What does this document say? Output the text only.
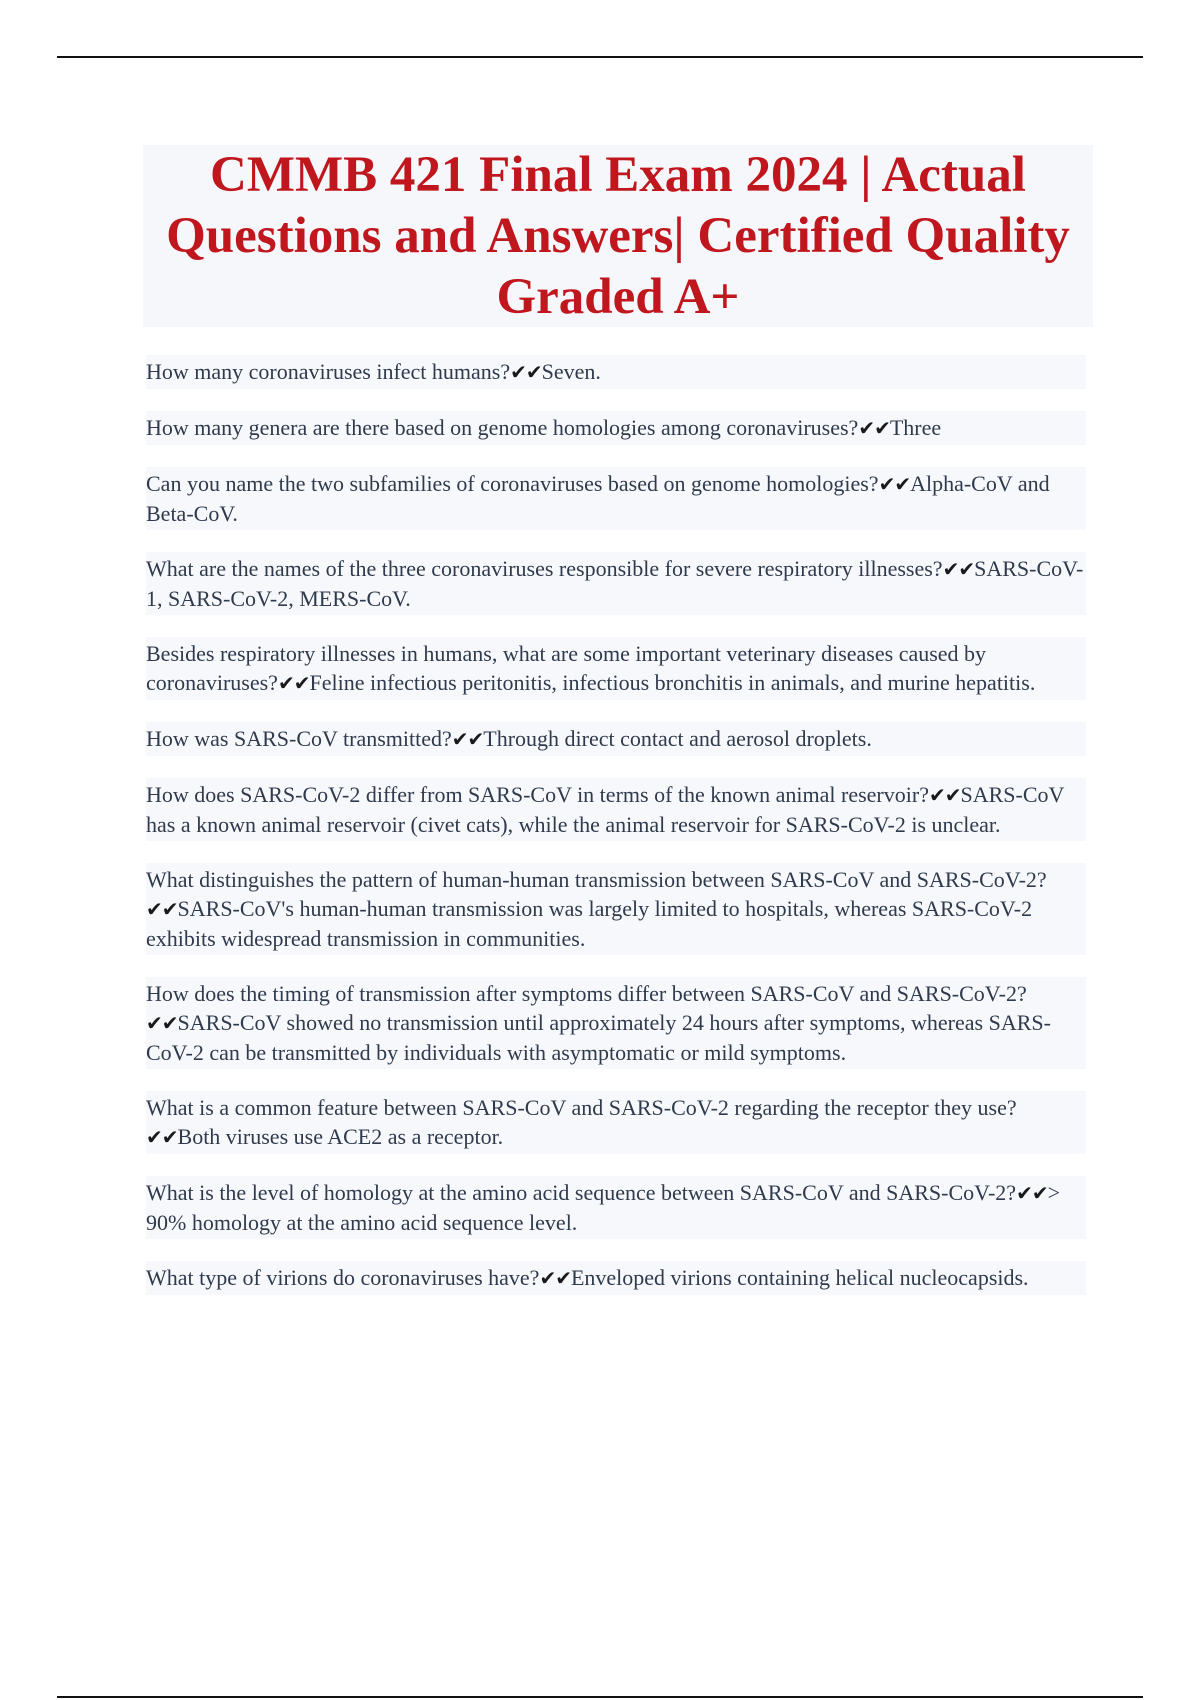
CMMB 421 Final Exam 2024 | Actual Questions and Answers| Certified Quality Graded A+

How many coronaviruses infect humans?✔✔Seven.

How many genera are there based on genome homologies among coronaviruses?✔✔Three

Can you name the two subfamilies of coronaviruses based on genome homologies?✔✔Alpha-CoV and Beta-CoV.

What are the names of the three coronaviruses responsible for severe respiratory illnesses?✔✔SARS-CoV-1, SARS-CoV-2, MERS-CoV.

Besides respiratory illnesses in humans, what are some important veterinary diseases caused by coronaviruses?✔✔Feline infectious peritonitis, infectious bronchitis in animals, and murine hepatitis.

How was SARS-CoV transmitted?✔✔Through direct contact and aerosol droplets.

How does SARS-CoV-2 differ from SARS-CoV in terms of the known animal reservoir?✔✔SARS-CoV has a known animal reservoir (civet cats), while the animal reservoir for SARS-CoV-2 is unclear.

What distinguishes the pattern of human-human transmission between SARS-CoV and SARS-CoV-2?✔✔SARS-CoV's human-human transmission was largely limited to hospitals, whereas SARS-CoV-2 exhibits widespread transmission in communities.

How does the timing of transmission after symptoms differ between SARS-CoV and SARS-CoV-2?✔✔SARS-CoV showed no transmission until approximately 24 hours after symptoms, whereas SARS-CoV-2 can be transmitted by individuals with asymptomatic or mild symptoms.

What is a common feature between SARS-CoV and SARS-CoV-2 regarding the receptor they use?✔✔Both viruses use ACE2 as a receptor.

What is the level of homology at the amino acid sequence between SARS-CoV and SARS-CoV-2?✔✔> 90% homology at the amino acid sequence level.

What type of virions do coronaviruses have?✔✔Enveloped virions containing helical nucleocapsids.
